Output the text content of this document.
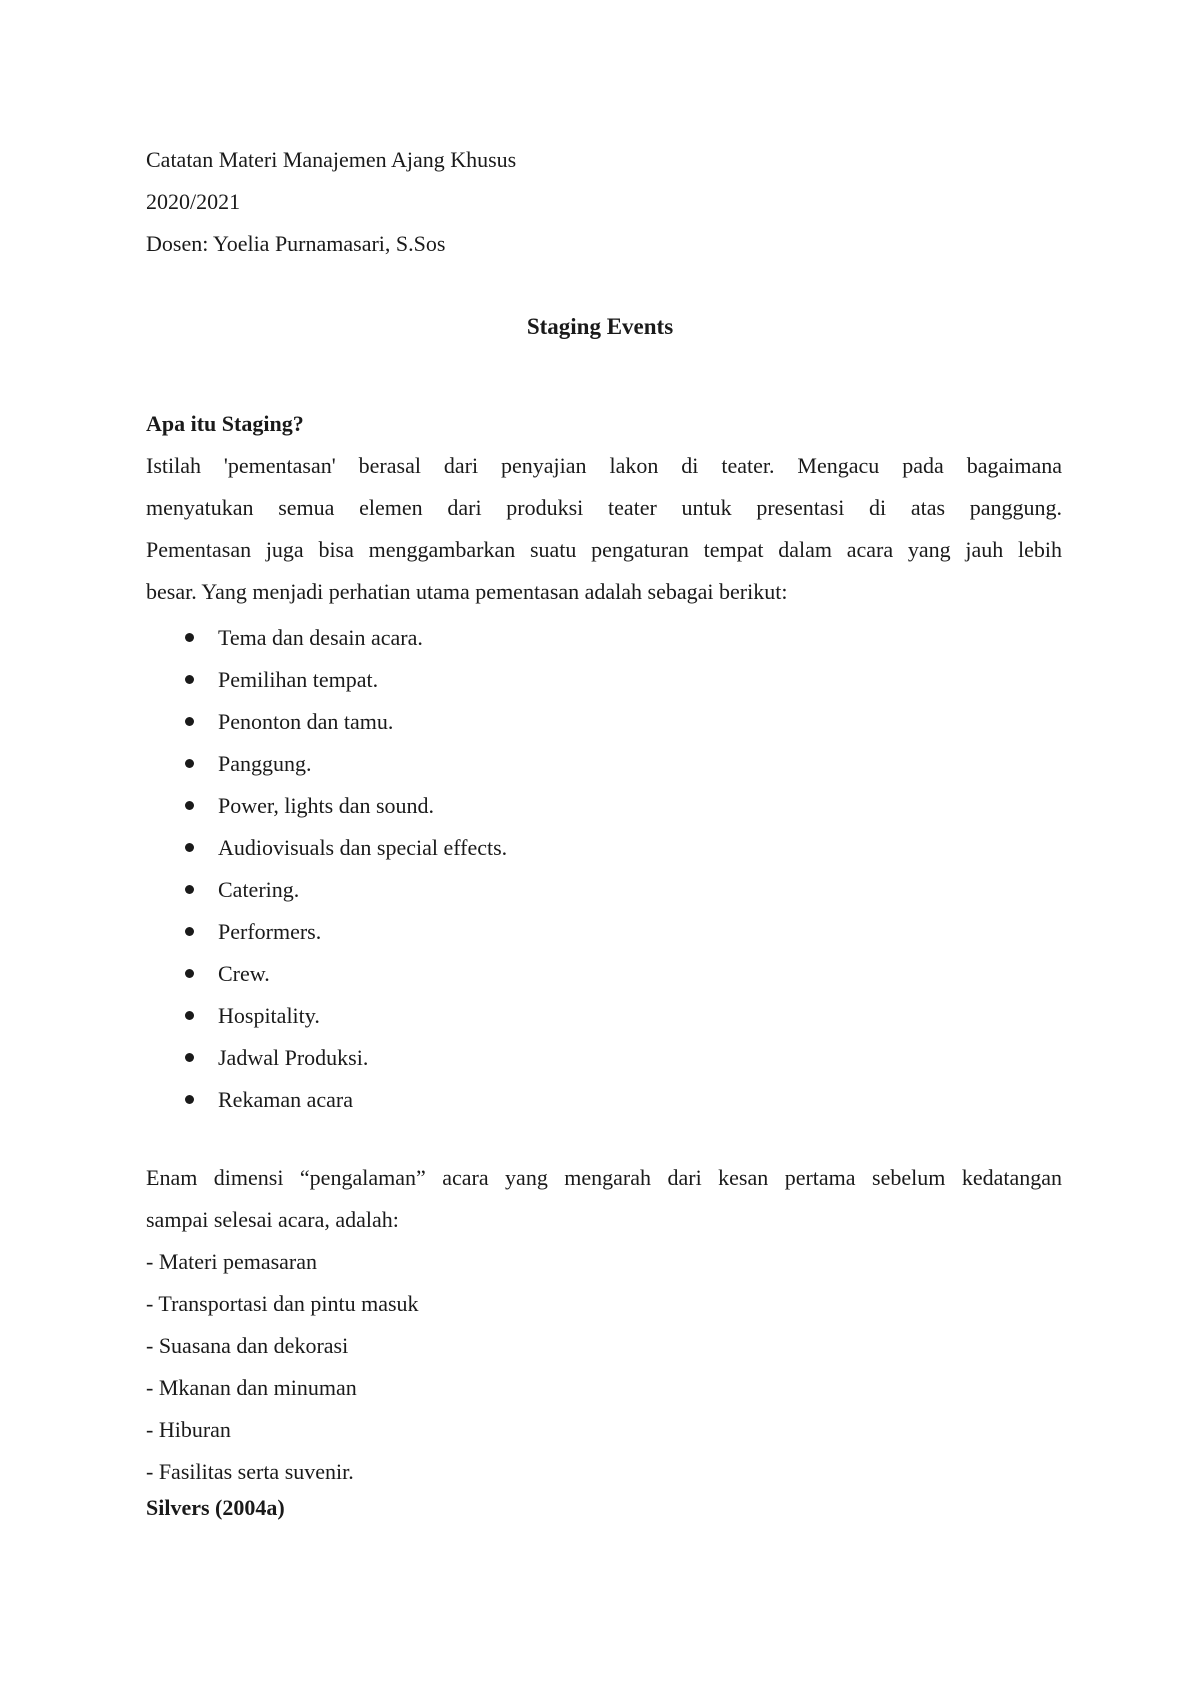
Catatan Materi Manajemen Ajang Khusus
2020/2021
Dosen: Yoelia Purnamasari, S.Sos
Staging Events
Apa itu Staging?
Istilah 'pementasan' berasal dari penyajian lakon di teater. Mengacu pada bagaimana
menyatukan semua elemen dari produksi teater untuk presentasi di atas panggung.
Pementasan juga bisa menggambarkan suatu pengaturan tempat dalam acara yang jauh lebih
besar. Yang menjadi perhatian utama pementasan adalah sebagai berikut:
Tema dan desain acara.
Pemilihan tempat.
Penonton dan tamu.
Panggung.
Power, lights dan sound.
Audiovisuals dan special effects.
Catering.
Performers.
Crew.
Hospitality.
Jadwal Produksi.
Rekaman acara
Enam dimensi “pengalaman” acara yang mengarah dari kesan pertama sebelum kedatangan
sampai selesai acara, adalah:
- Materi pemasaran
- Transportasi dan pintu masuk
- Suasana dan dekorasi
- Mkanan dan minuman
- Hiburan
- Fasilitas serta suvenir.
Silvers (2004a)
